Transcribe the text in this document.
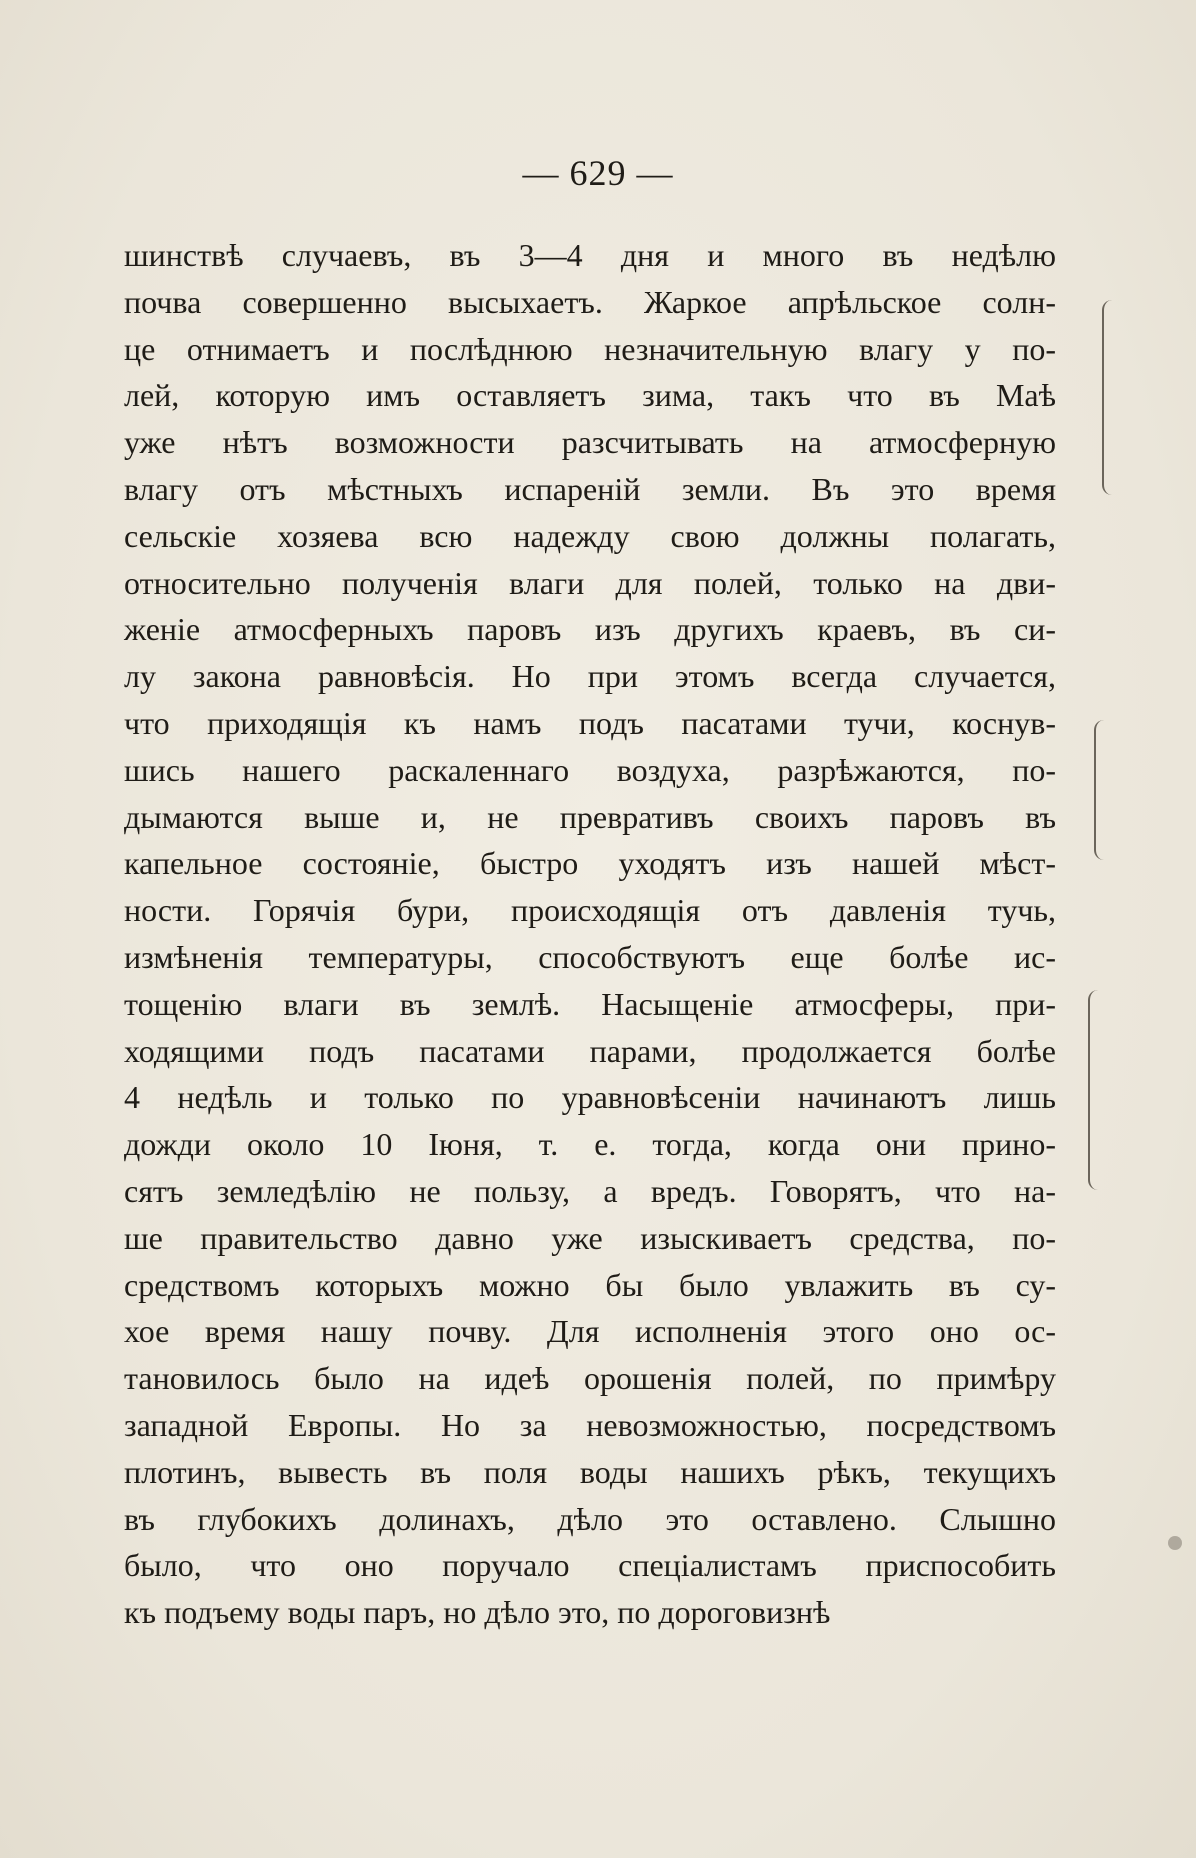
— 629 —
шинствѣ случаевъ, въ 3—4 дня и много въ недѣлю
почва совершенно высыхаетъ. Жаркое апрѣльское солн-
це отнимаетъ и послѣднюю незначительную влагу у по-
лей, которую имъ оставляетъ зима, такъ что въ Маѣ
уже нѣтъ возможности разсчитывать на атмосферную
влагу отъ мѣстныхъ испареній земли. Въ это время
сельскіе хозяева всю надежду свою должны полагать,
относительно полученія влаги для полей, только на дви-
женіе атмосферныхъ паровъ изъ другихъ краевъ, въ си-
лу закона равновѣсія. Но при этомъ всегда случается,
что приходящія къ намъ подъ пасатами тучи, коснув-
шись нашего раскаленнаго воздуха, разрѣжаются, по-
дымаются выше и, не превративъ своихъ паровъ въ
капельное состояніе, быстро уходятъ изъ нашей мѣст-
ности. Горячія бури, происходящія отъ давленія тучь,
измѣненія температуры, способствуютъ еще болѣе ис-
тощенію влаги въ землѣ. Насыщеніе атмосферы, при-
ходящими подъ пасатами парами, продолжается болѣе
4 недѣль и только по уравновѣсеніи начинаютъ лишь
дожди около 10 Іюня, т. е. тогда, когда они прино-
сятъ земледѣлію не пользу, а вредъ. Говорятъ, что на-
ше правительство давно уже изыскиваетъ средства, по-
средствомъ которыхъ можно бы было увлажить въ су-
хое время нашу почву. Для исполненія этого оно ос-
тановилось было на идеѣ орошенія полей, по примѣру
западной Европы. Но за невозможностью, посредствомъ
плотинъ, вывесть въ поля воды нашихъ рѣкъ, текущихъ
въ глубокихъ долинахъ, дѣло это оставлено. Слышно
было, что оно поручало спеціалистамъ приспособить
къ подъему воды паръ, но дѣло это, по дороговизнѣ
